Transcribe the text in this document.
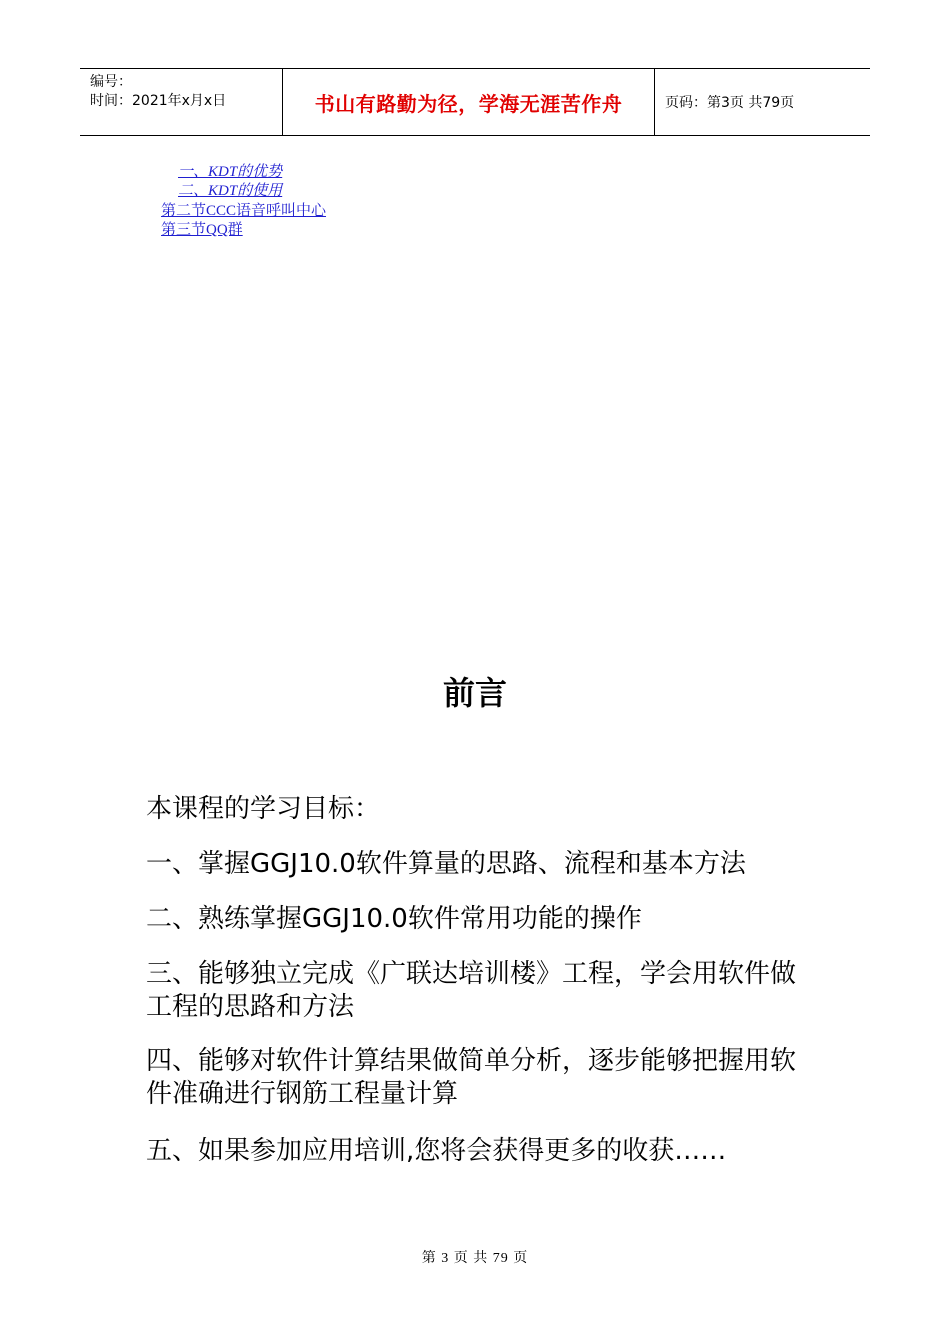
编号：
时间：2021年x月x日	书山有路勤为径，学海无涯苦作舟	页码：第3页 共79页
一、KDT的优势
二、KDT的使用
第二节CCC语音呼叫中心
第三节QQ群
前言
本课程的学习目标：
一、掌握GGJ10.0软件算量的思路、流程和基本方法
二、熟练掌握GGJ10.0软件常用功能的操作
三、能够独立完成《广联达培训楼》工程，学会用软件做工程的思路和方法
四、能够对软件计算结果做简单分析，逐步能够把握用软件准确进行钢筋工程量计算
五、如果参加应用培训,您将会获得更多的收获……
第 3 页 共 79 页
